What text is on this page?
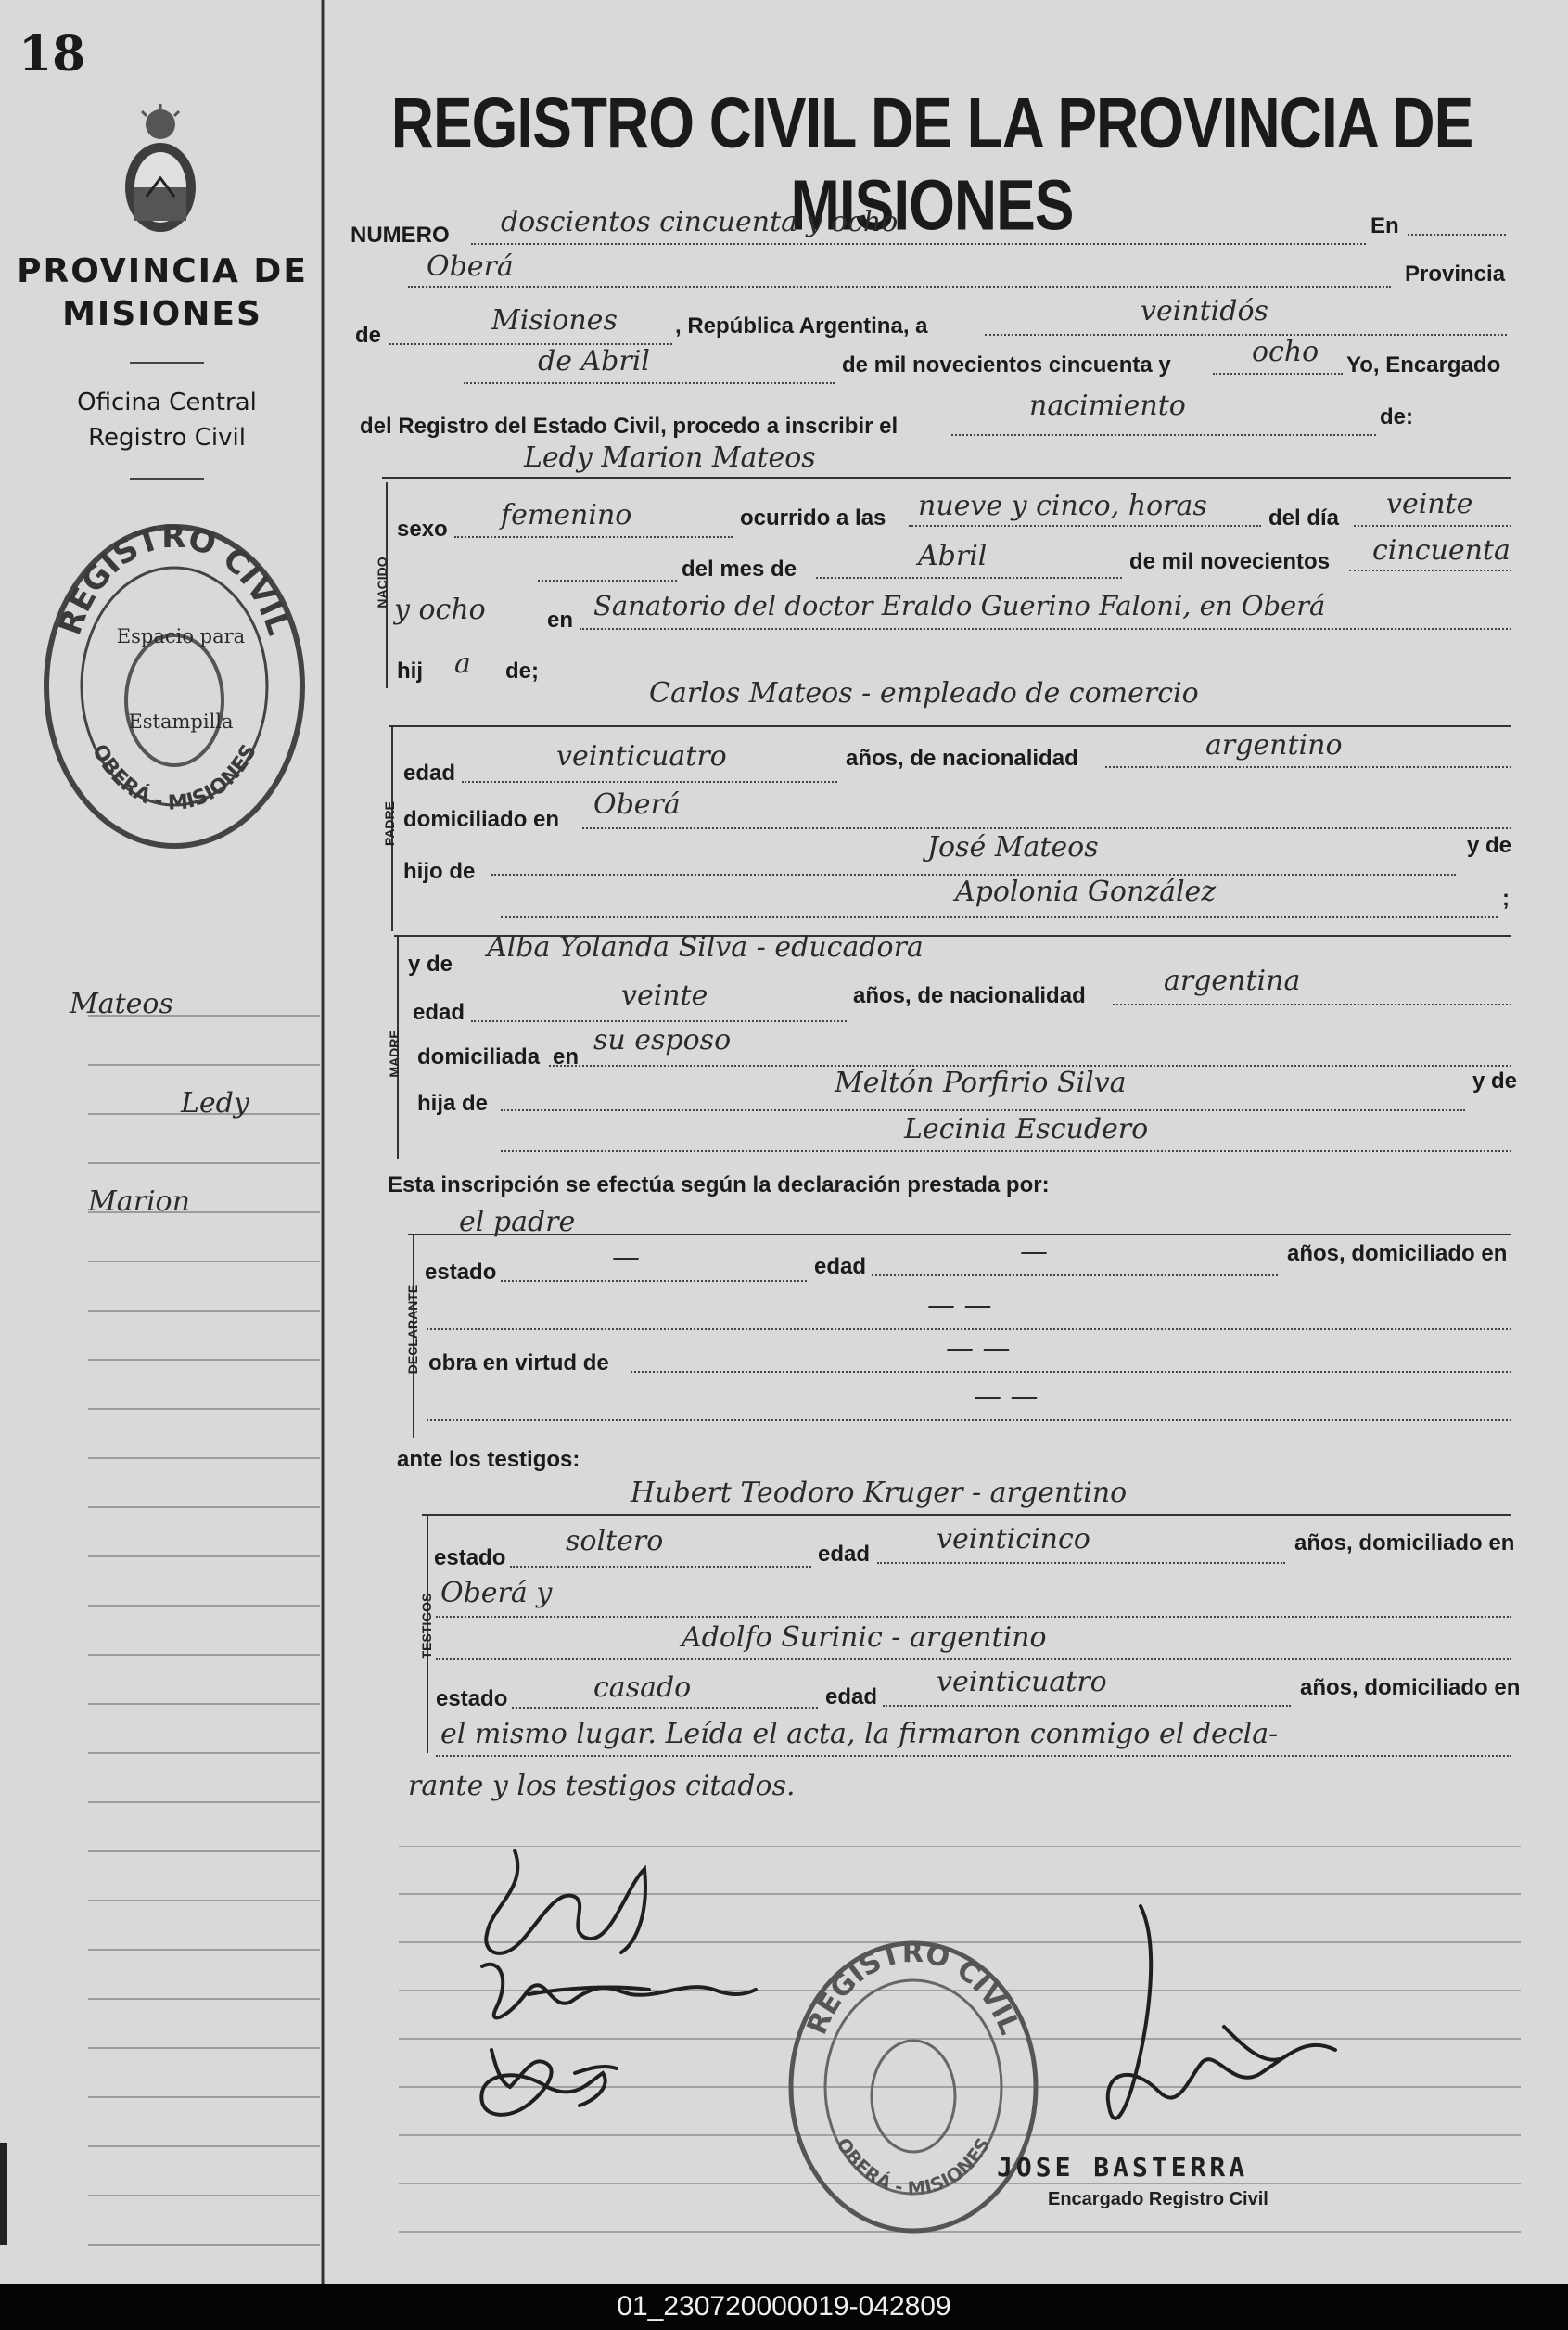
18
PROVINCIA DE MISIONES
Oficina Central Registro Civil
REGISTRO CIVIL
OBERÁ - MISIONES
Espacio para Estampilla
Mateos
Ledy
Marion
REGISTRO CIVIL DE LA PROVINCIA DE MISIONES
NUMERO doscientos cincuenta y ocho	En
Oberá	Provincia
de	Misiones	, República Argentina, a	veintidós
de Abril	de mil novecientos cincuenta y	ocho Yo, Encargado
del Registro del Estado Civil, procedo a inscribir el
nacimiento	de:
Ledy Marion Mateos
NACIDO
sexo femenino	ocurrido a las nueve y cinco, horas	del día veinte
del mes de	Abril	de mil novecientos cincuenta
y ocho	en Sanatorio del doctor Eraldo Guerino Faloni, en Oberá
hij a de;
Carlos Mateos - empleado de comercio
PADRE
edad
veinticuatro	años, de nacionalidad	argentino
domiciliado en Oberá
hijo de
José Mateos	y de
Apolonia González	;
MADRE
y de
Alba Yolanda Silva - educadora
edad
veinte	años, de nacionalidad	argentina
domiciliada en
su esposo
hija de
Meltón Porfirio Silva	y de
Lecinia Escudero
Esta inscripción se efectúa según la declaración prestada por:
el padre
DECLARANTE
estado	—	edad	—	años, domiciliado en
— —
obra en virtud de	— —
— —
ante los testigos:
Hubert Teodoro Kruger - argentino
TESTIGOS
estado
soltero	edad veinticinco	años, domiciliado en
Oberá y
Adolfo Surinic - argentino
estado	casado	edad veinticuatro	años, domiciliado en
el mismo lugar. Leída el acta, la firmaron conmigo el decla-
rante y los testigos citados.
REGISTRO CIVIL
OBERÁ - MISIONES
JOSE BASTERRA
Encargado Registro Civil
01_230720000019-042809
